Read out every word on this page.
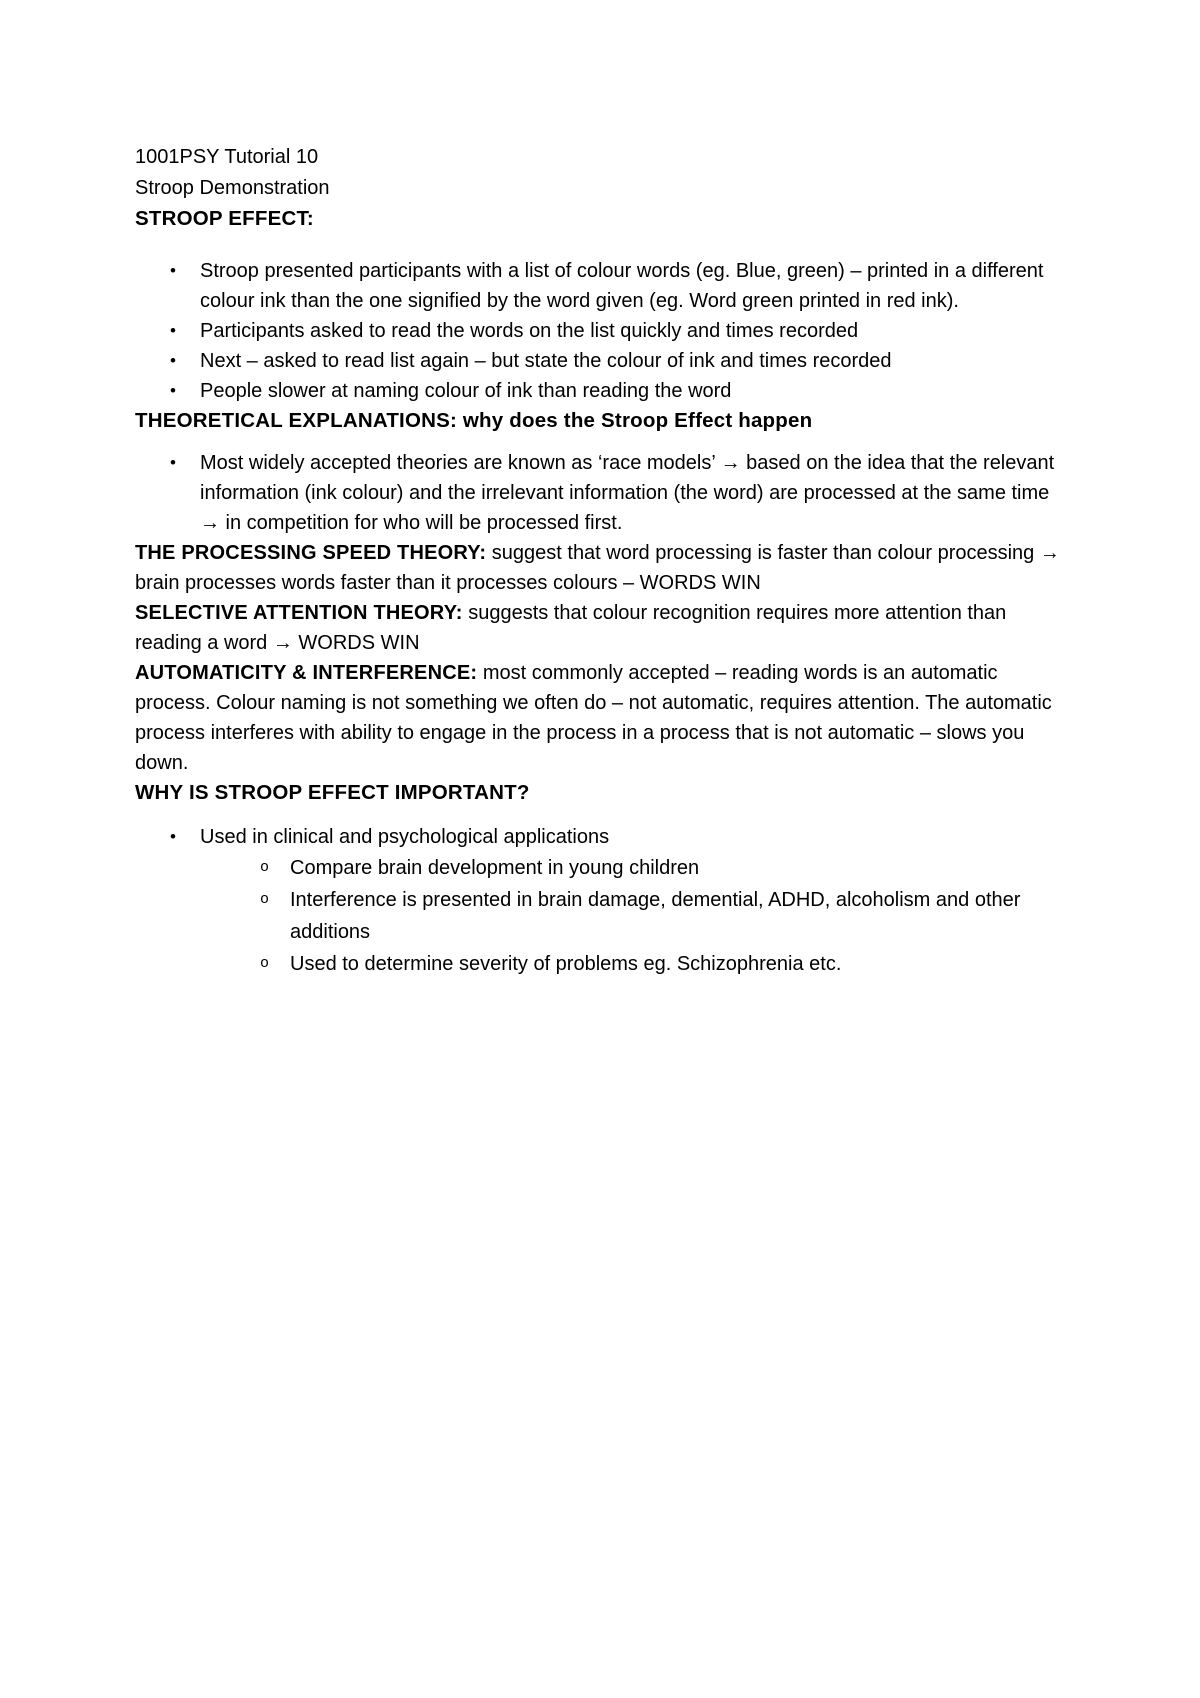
1001PSY Tutorial 10
Stroop Demonstration
STROOP EFFECT:
•	Stroop presented participants with a list of colour words (eg. Blue, green) – printed in a different colour ink than the one signified by the word given (eg. Word green printed in red ink).
•	Participants asked to read the words on the list quickly and times recorded
•	Next – asked to read list again – but state the colour of ink and times recorded
•	People slower at naming colour of ink than reading the word
THEORETICAL EXPLANATIONS: why does the Stroop Effect happen
•	Most widely accepted theories are known as ‘race models’ → based on the idea that the relevant information (ink colour) and the irrelevant information (the word) are processed at the same time → in competition for who will be processed first.

THE PROCESSING SPEED THEORY: suggest that word processing is faster than colour processing → brain processes words faster than it processes colours – WORDS WIN

SELECTIVE ATTENTION THEORY: suggests that colour recognition requires more attention than reading a word → WORDS WIN

AUTOMATICITY & INTERFERENCE: most commonly accepted – reading words is an automatic process. Colour naming is not something we often do – not automatic, requires attention. The automatic process interferes with ability to engage in the process in a process that is not automatic – slows you down.

WHY IS STROOP EFFECT IMPORTANT?
•	Used in clinical and psychological applications
o	Compare brain development in young children
o	Interference is presented in brain damage, demential, ADHD, alcoholism and other additions
o	Used to determine severity of problems eg. Schizophrenia etc.
